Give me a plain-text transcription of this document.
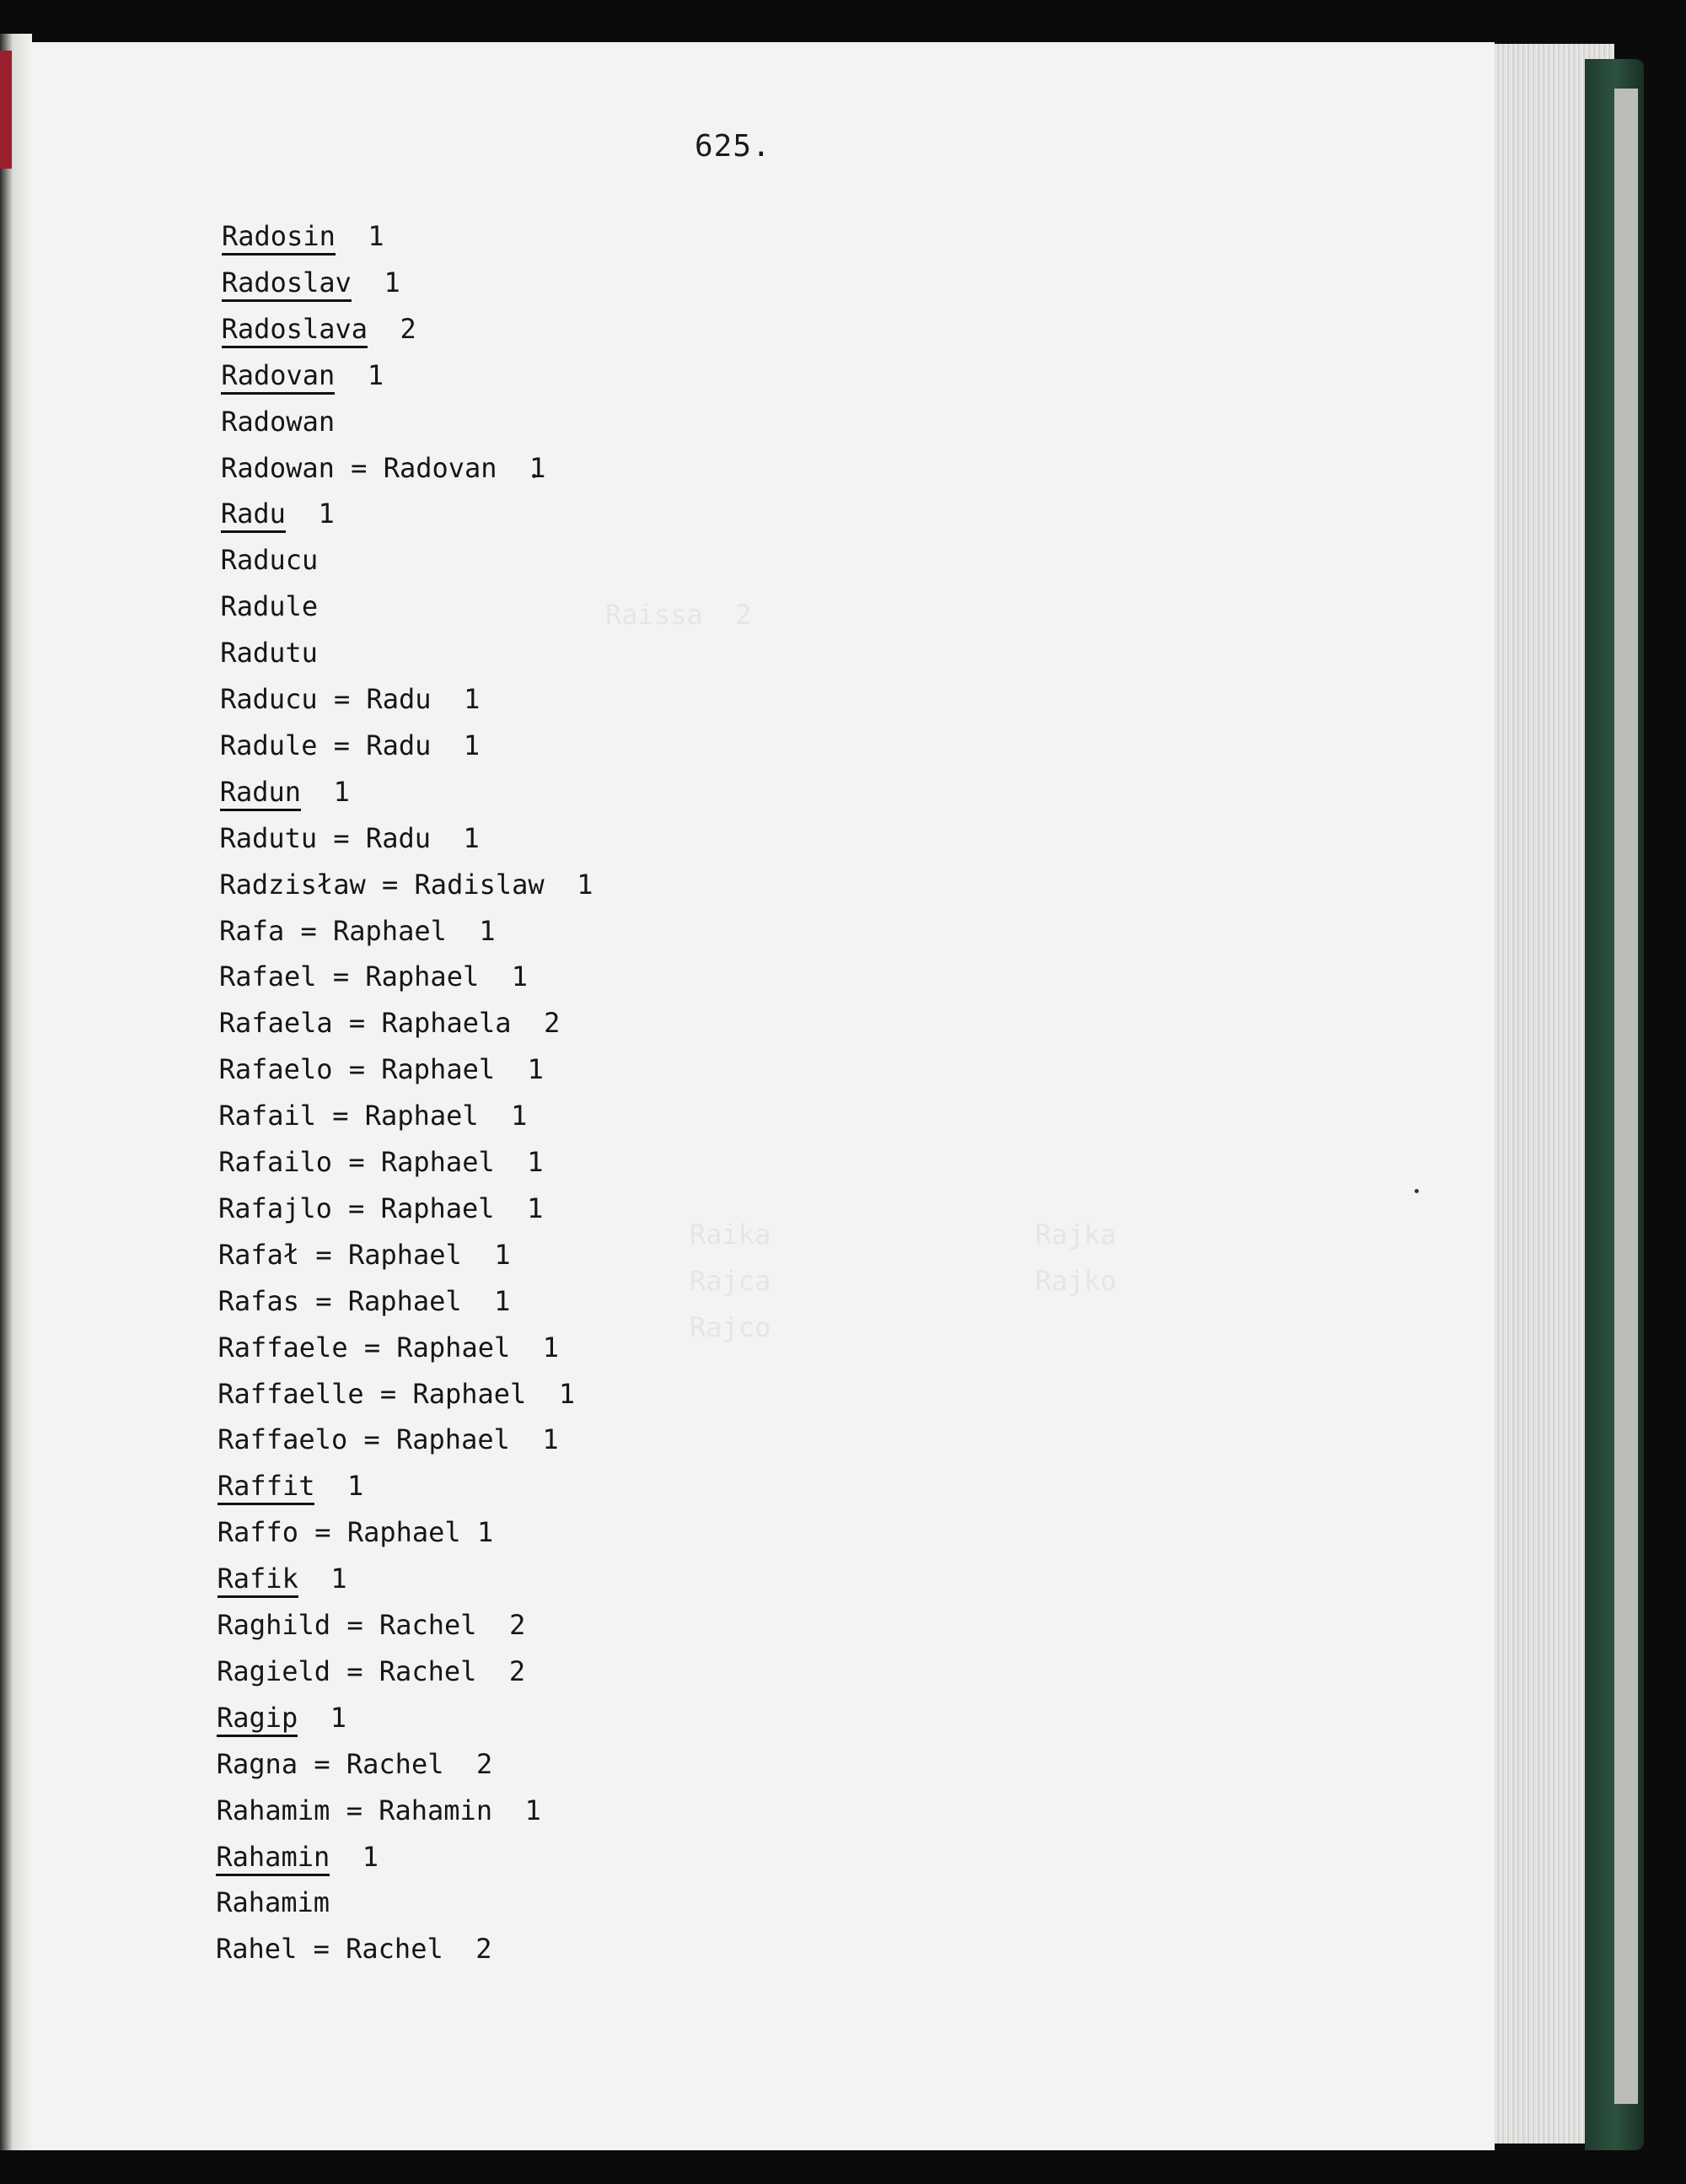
625.
Raissa  2
Raika	Rajka
Rajca	Rajko
Rajco
Radosin  1
Radoslav  1
Radoslava  2
Radovan  1
Radowan
Radowan = Radovan  1
Radu  1
Raducu
Radule
Radutu
Raducu = Radu  1
Radule = Radu  1
Radun  1
Radutu = Radu  1
Radzisław = Radislaw  1
Rafa = Raphael  1
Rafael = Raphael  1
Rafaela = Raphaela  2
Rafaelo = Raphael  1
Rafail = Raphael  1
Rafailo = Raphael  1
Rafajlo = Raphael  1
Rafał = Raphael  1
Rafas = Raphael  1
Raffaele = Raphael  1
Raffaelle = Raphael  1
Raffaelo = Raphael  1
Raffit  1
Raffo = Raphael 1
Rafik  1
Raghild = Rachel  2
Ragield = Rachel  2
Ragip  1
Ragna = Rachel  2
Rahamim = Rahamin  1
Rahamin  1
Rahamim
Rahel = Rachel  2
